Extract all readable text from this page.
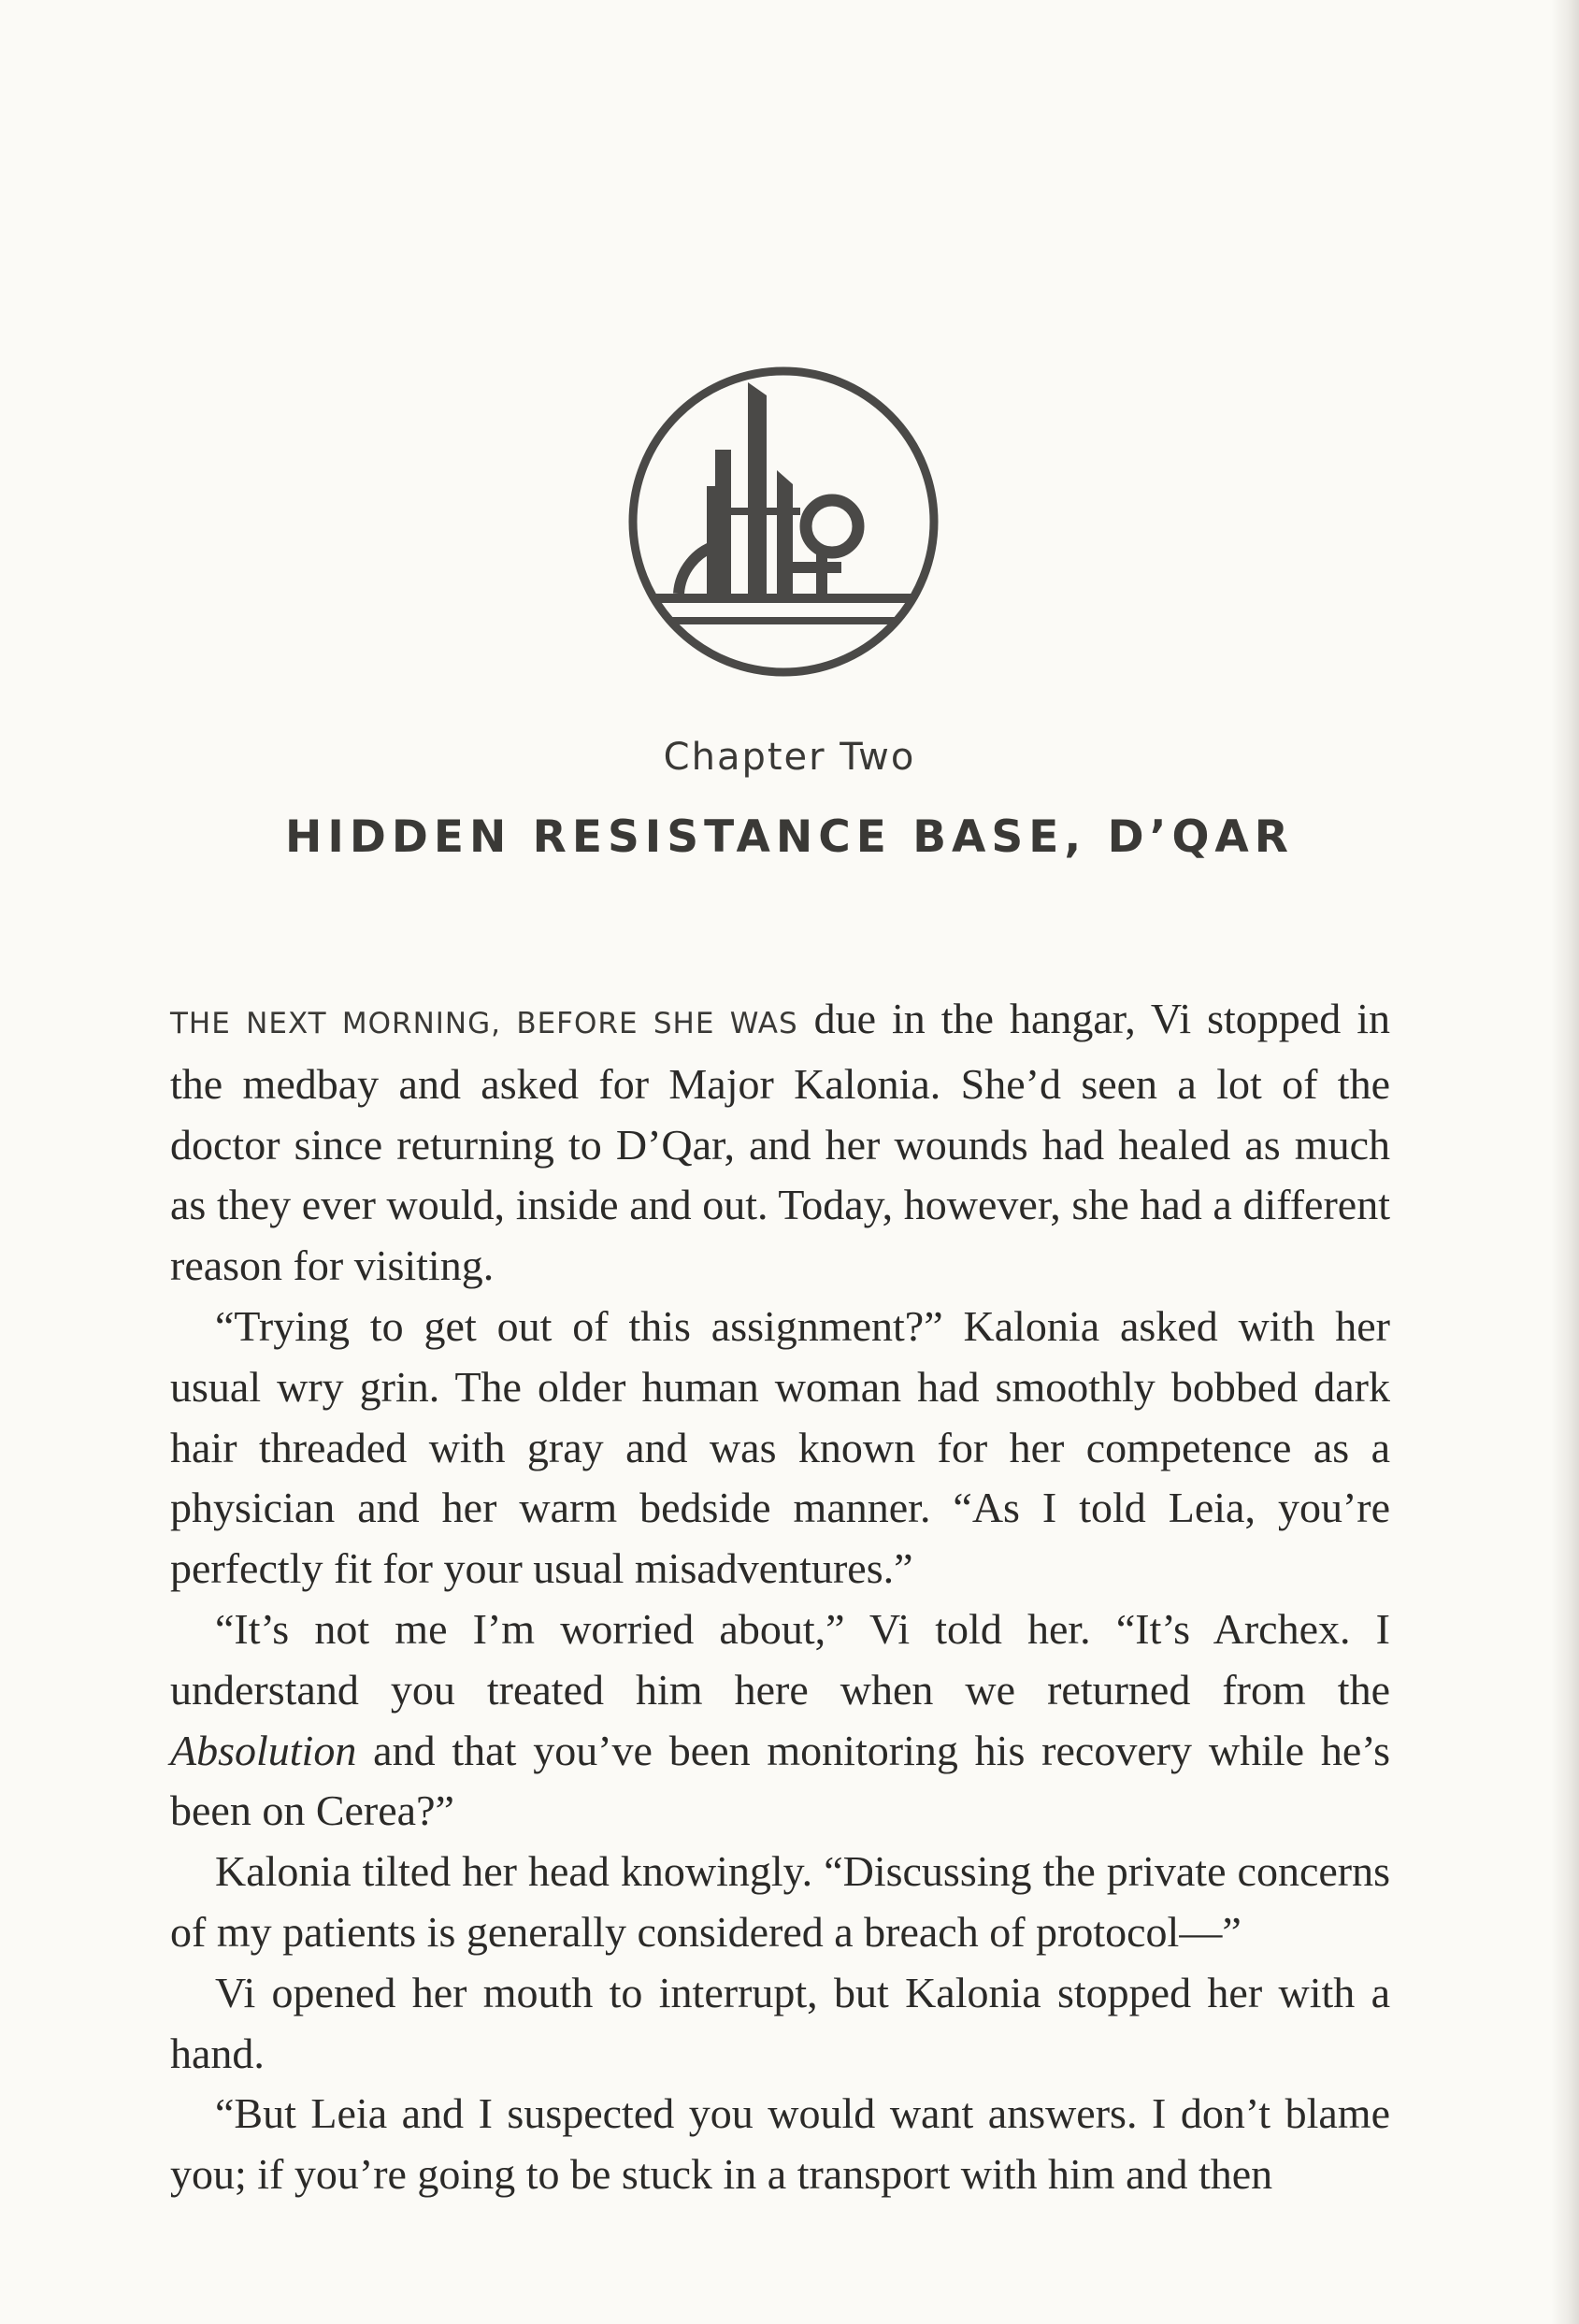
Chapter Two
HIDDEN RESISTANCE BASE, D’QAR

THE NEXT MORNING, BEFORE SHE WAS due in the hangar, Vi stopped in the medbay and asked for Major Kalonia. She’d seen a lot of the doctor since returning to D’Qar, and her wounds had healed as much as they ever would, inside and out. Today, however, she had a different reason for visiting.

“Trying to get out of this assignment?” Kalonia asked with her usual wry grin. The older human woman had smoothly bobbed dark hair threaded with gray and was known for her competence as a physician and her warm bedside manner. “As I told Leia, you’re perfectly fit for your usual misadventures.”

“It’s not me I’m worried about,” Vi told her. “It’s Archex. I understand you treated him here when we returned from the Absolution and that you’ve been monitoring his recovery while he’s been on Cerea?”

Kalonia tilted her head knowingly. “Discussing the private concerns of my patients is generally considered a breach of protocol—”

Vi opened her mouth to interrupt, but Kalonia stopped her with a hand.

“But Leia and I suspected you would want answers. I don’t blame you; if you’re going to be stuck in a transport with him and then
